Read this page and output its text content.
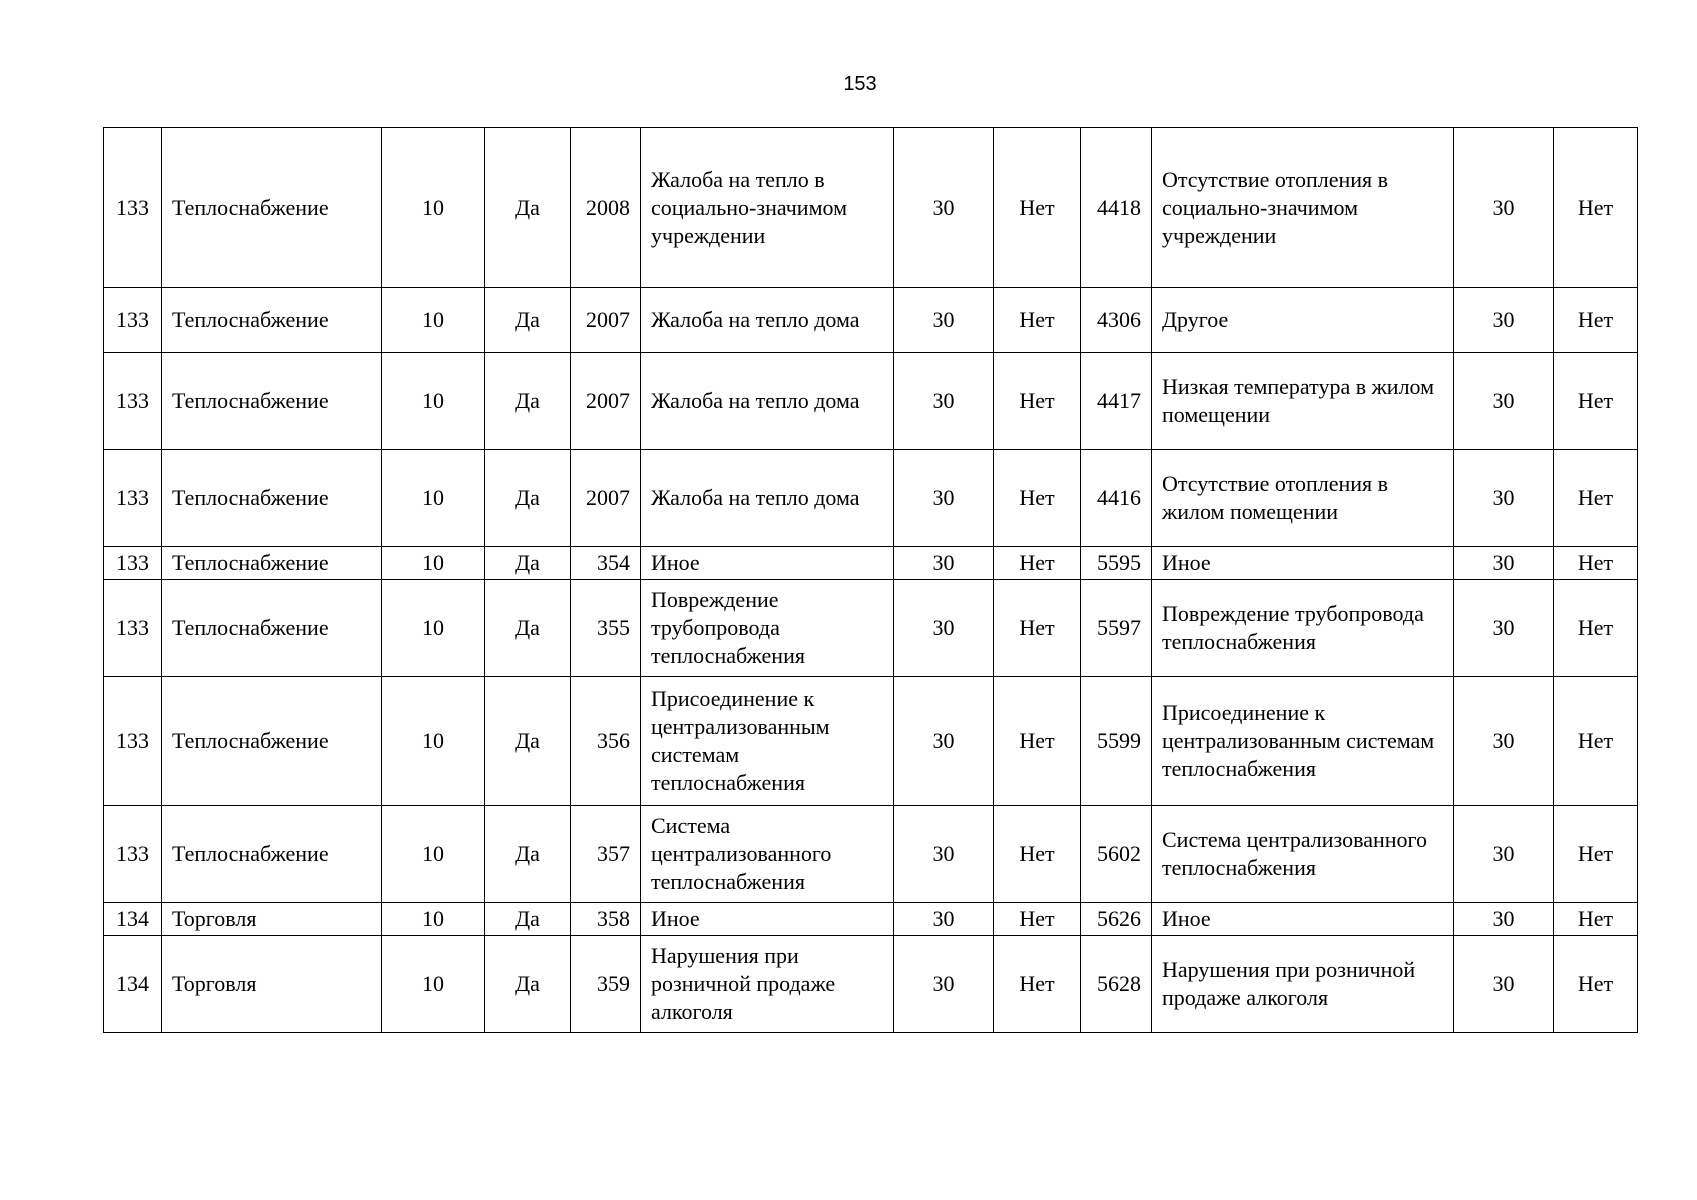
153
133	Теплоснабжение	10	Да	2008	Жалоба на тепло в социально-значимом учреждении	30	Нет	4418	Отсутствие отопления в социально-значимом учреждении	30	Нет
133	Теплоснабжение	10	Да	2007	Жалоба на тепло дома	30	Нет	4306	Другое	30	Нет
133	Теплоснабжение	10	Да	2007	Жалоба на тепло дома	30	Нет	4417	Низкая температура в жилом помещении	30	Нет
133	Теплоснабжение	10	Да	2007	Жалоба на тепло дома	30	Нет	4416	Отсутствие отопления в жилом помещении	30	Нет
133	Теплоснабжение	10	Да	354	Иное	30	Нет	5595	Иное	30	Нет
133	Теплоснабжение	10	Да	355	Повреждение трубопровода теплоснабжения	30	Нет	5597	Повреждение трубопровода теплоснабжения	30	Нет
133	Теплоснабжение	10	Да	356	Присоединение к централизованным системам теплоснабжения	30	Нет	5599	Присоединение к централизованным системам теплоснабжения	30	Нет
133	Теплоснабжение	10	Да	357	Система централизованного теплоснабжения	30	Нет	5602	Система централизованного теплоснабжения	30	Нет
134	Торговля	10	Да	358	Иное	30	Нет	5626	Иное	30	Нет
134	Торговля	10	Да	359	Нарушения при розничной продаже алкоголя	30	Нет	5628	Нарушения при розничной продаже алкоголя	30	Нет
